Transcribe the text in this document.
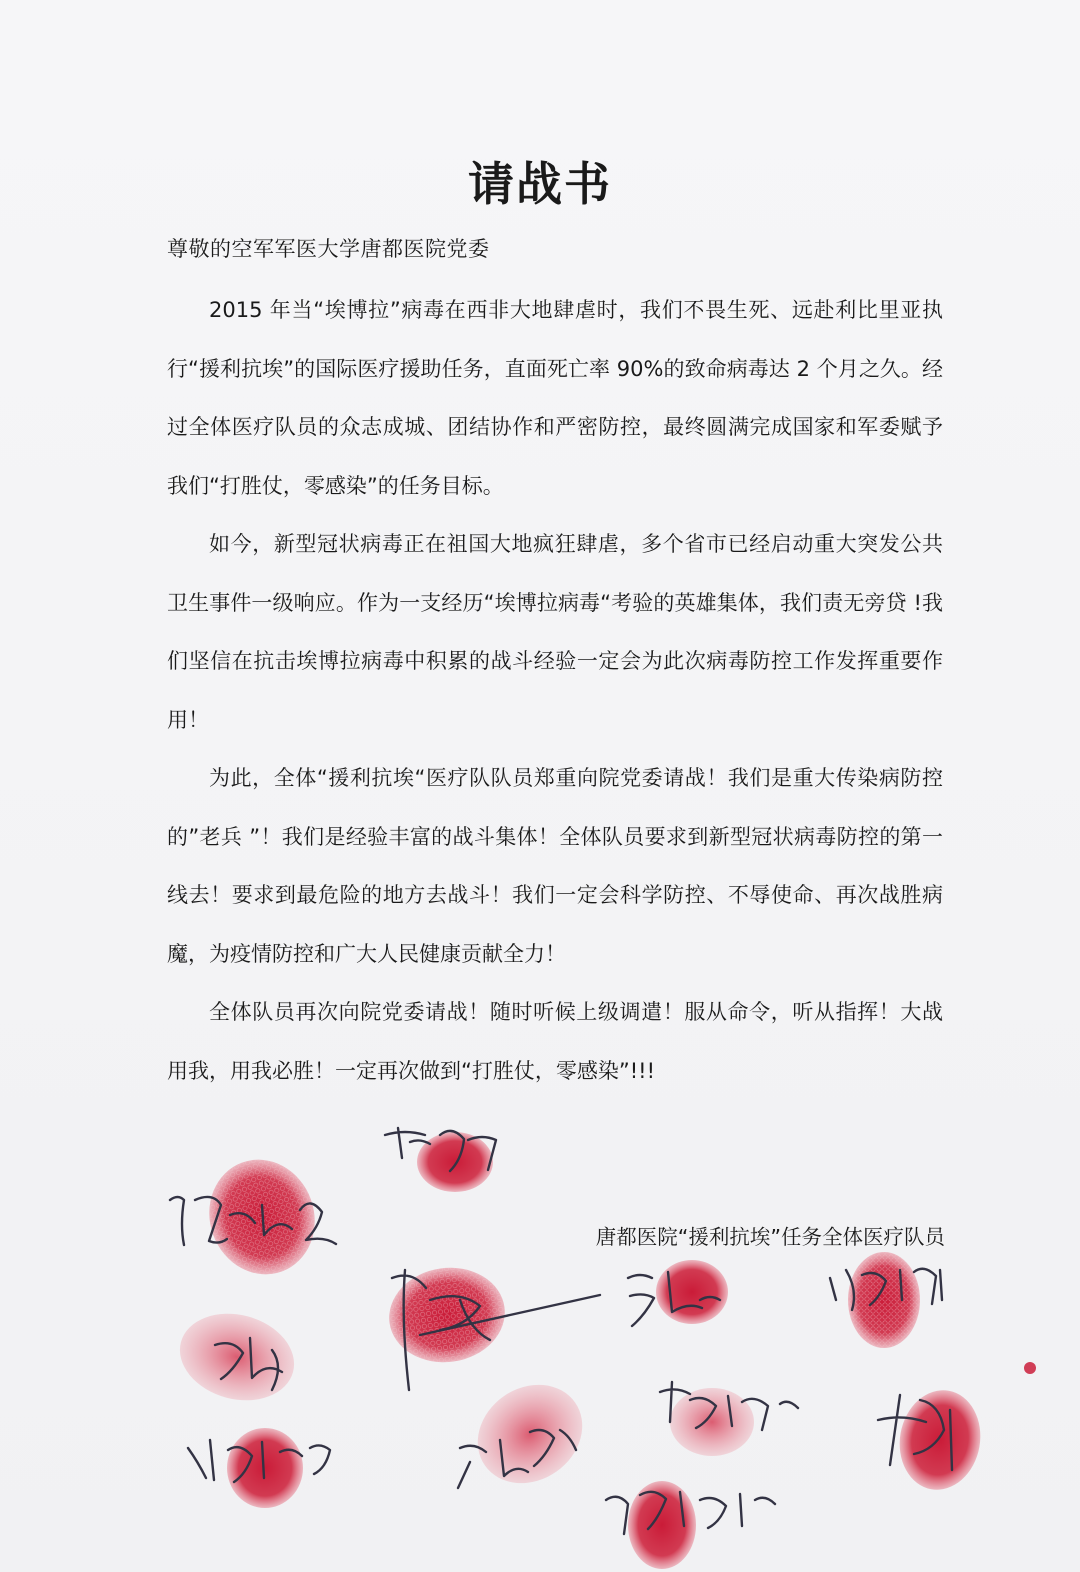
请战书
尊敬的空军军医大学唐都医院党委

2015 年当“埃博拉”病毒在西非大地肆虐时，我们不畏生死、远赴利比里亚执行“援利抗埃”的国际医疗援助任务，直面死亡率 90%的致命病毒达 2 个月之久。经过全体医疗队员的众志成城、团结协作和严密防控，最终圆满完成国家和军委赋予我们“打胜仗，零感染”的任务目标。

如今，新型冠状病毒正在祖国大地疯狂肆虐，多个省市已经启动重大突发公共卫生事件一级响应。作为一支经历“埃博拉病毒“考验的英雄集体，我们责无旁贷 !我们坚信在抗击埃博拉病毒中积累的战斗经验一定会为此次病毒防控工作发挥重要作用！

为此，全体“援利抗埃“医疗队队员郑重向院党委请战！我们是重大传染病防控的”老兵 ”！我们是经验丰富的战斗集体！全体队员要求到新型冠状病毒防控的第一线去！要求到最危险的地方去战斗！我们一定会科学防控、不辱使命、再次战胜病魔，为疫情防控和广大人民健康贡献全力！

全体队员再次向院党委请战！随时听候上级调遣！服从命令，听从指挥！大战用我，用我必胜！一定再次做到“打胜仗，零感染”!!!

唐都医院“援利抗埃”任务全体医疗队员
